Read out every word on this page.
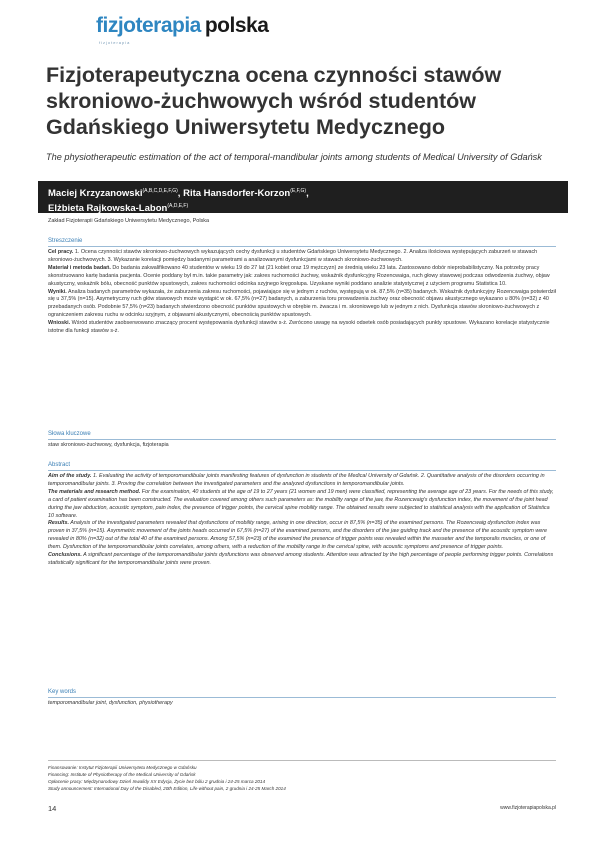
fizjoterapia polska
fizjoterapia
Fizjoterapeutyczna ocena czynności stawów skroniowo-żuchwowych wśród studentów Gdańskiego Uniwersytetu Medycznego

The physiotherapeutic estimation of the act of temporal-mandibular joints among students of Medical University of Gdańsk

Maciej Krzyzanowski$^{(A,B,C,D,E,F,G)}$, Rita Hansdorfer-Korzon$^{(E,F,G)}$,
Elżbieta Rajkowska-Labon$^{(A,D,E,F)}$
Zakład Fizjoterapii Gdańskiego Uniwersytetu Medycznego, Polska
Streszczenie

Cel pracy. 1. Ocena czynności stawów skroniowo-żuchwowych wykazujących cechy dysfunkcji u studentów Gdańskiego Uniwersytetu Medycznego. 2. Analiza ilościowa występujących zaburzeń w stawach skroniowo-żuchwowych. 3. Wykazanie korelacji pomiędzy badanymi parametrami a analizowanymi dysfunkcjami w stawach skroniowo-żuchwowych.

Materiał i metoda badań. Do badania zakwalifikowano 40 studentów w wieku 19 do 27 lat (21 kobiet oraz 19 mężczyzn) ze średnią wieku 23 lata. Zastosowano dobór nieprobabilistyczny. Na potrzeby pracy skonstruowano kartę badania pacjenta. Ocenie poddany był m.in. takie parametry jak: zakres ruchomości żuchwy, wskaźnik dysfunkcyjny Rozencwaiga, ruch głowy stawowej podczas odwodzenia żuchwy, objaw akustyczny, wskaźnik bólu, obecność punktów spustowych, zakres ruchomości odcinka szyjnego kręgosłupa. Uzyskane wyniki poddano analizie statystycznej z użyciem programu Statistica 10.

Wyniki. Analiza badanych parametrów wykazała, że zaburzenia zakresu ruchomości, pojawiające się w jednym z ruchów, występują w ok. 87,5% (n=35) badanych. Wskaźnik dysfunkcyjny Rozencwaiga potwierdził się u 37,5% (n=15). Asymetryczny ruch głów stawowych może wystąpić w ok. 67,5% (n=27) badanych, a zaburzenia toru prowadzenia żuchwy oraz obecność objawu akustycznego wykazano u 80% (n=32) z 40 przebadanych osób. Podobnie 57,5% (n=23) badanych stwierdzono obecność punktów spustowych w obrębie m. żwacza i m. skroniowego lub w jednym z nich. Dysfunkcja stawów skroniowo-żuchwowych z ograniczeniem zakresu ruchu w odcinku szyjnym, z objawami akustycznymi, obecnością punktów spustowych.

Wnioski. Wśród studentów zaobserwowano znaczący procent występowania dysfunkcji stawów s-ż. Zwrócono uwagę na wysoki odsetek osób posiadających punkty spustowe. Wykazano korelacje statystycznie istotne dla funkcji stawów s-ż.

Słowa kluczowe
staw skroniowo-żuchwowy, dysfunkcja, fizjoterapia
Abstract

Aim of the study. 1. Evaluating the activity of temporomandibular joints manifesting features of dysfunction in students of the Medical University of Gdańsk. 2. Quantitative analysis of the disorders occurring in temporomandibular joints. 3. Proving the correlation between the investigated parameters and the analyzed dysfunctions in temporomandibular joints.

The materials and research method. For the examination, 40 students at the age of 19 to 27 years (21 women and 19 men) were classified, representing the average age of 23 years. For the needs of this study, a card of patient examination has been constructed. The evaluation covered among others such parameters as: the mobility range of the jaw, the Rozencwaig's dysfunction index, the movement of the joint head during the jaw abduction, acoustic symptom, pain index, the presence of trigger points, the cervical spine mobility range. The obtained results were subjected to statistical analysis with the application of Statistica 10 software.

Results. Analysis of the investigated parameters revealed that dysfunctions of mobility range, arising in one direction, occur in 87,5% (n=35) of the examined persons. The Rozencwaig dysfunction index was proven in 37,5% (n=15). Asymmetric movement of the joints heads occurred in 67,5% (n=27) of the examined persons, and the disorders of the jaw guiding track and the presence of the acoustic symptom were revealed in 80% (n=32) out of the total 40 of the examined persons. Among 57,5% (n=23) of the examined the presence of trigger points was revealed within the masseter and the temporalis muscles, or one of them. Dysfunction of the temporomandibular joints correlates, among others, with a reduction of the mobility range in the cervical spine, with acoustic symptoms and presence of trigger points.

Conclusions. A significant percentage of the temporomandibular joints dysfunctions was observed among students. Attention was attracted by the high percentage of people performing trigger points. Correlations statistically significant for the temporomandibular joints were proven.

Key words
temporomandibular joint, dysfunction, physiotherapy
Finansowanie: Instytut Fizjoterapii Uniwersytetu Medycznego w Gdańsku
Financing: Institute of Physiotherapy of the Medical University of Gdańsk
Opłacenie pracy: Międzynarodowy Dzień Inwalidy XX Edycja, Życie bez bólu 2 grudnia i 24-25 marca 2014
Study announcement: International Day of the Disabled, 20th Edition, Life without pain, 2 grudnia i 24-25 March 2014
14	www.fizjoterapiapolska.pl
